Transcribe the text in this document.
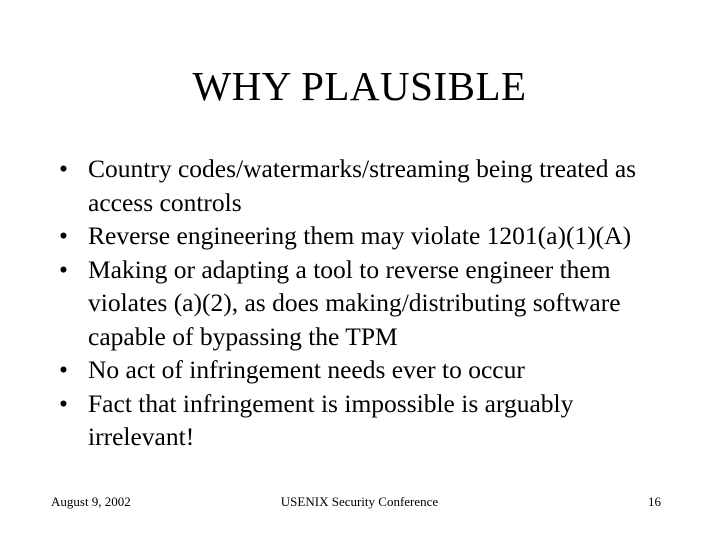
WHY PLAUSIBLE
• Country codes/watermarks/streaming being treated as access controls
• Reverse engineering them may violate 1201(a)(1)(A)
• Making or adapting a tool to reverse engineer them violates (a)(2), as does making/distributing software capable of bypassing the TPM
• No act of infringement needs ever to occur
• Fact that infringement is impossible is arguably irrelevant!
August 9, 2002	USENIX Security Conference	16
